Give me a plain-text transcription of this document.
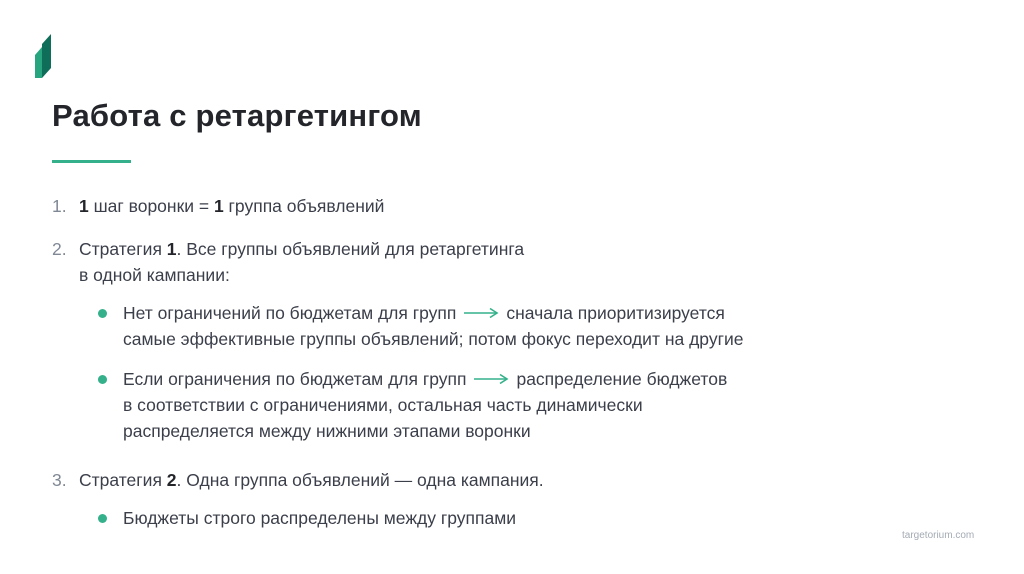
Работа с ретаргетингом
1. 1 шаг воронки = 1 группа объявлений
2. Стратегия 1. Все группы объявлений для ретаргетинга
в одной кампании:
Нет ограничений по бюджетам для групп	сначала приоритизируется
самые эффективные группы объявлений; потом фокус переходит на другие
Если ограничения по бюджетам для групп	распределение бюджетов
в соответствии с ограничениями, остальная часть динамически
распределяется между нижними этапами воронки
3. Стратегия 2. Одна группа объявлений — одна кампания.
Бюджеты строго распределены между группами
targetorium.com
